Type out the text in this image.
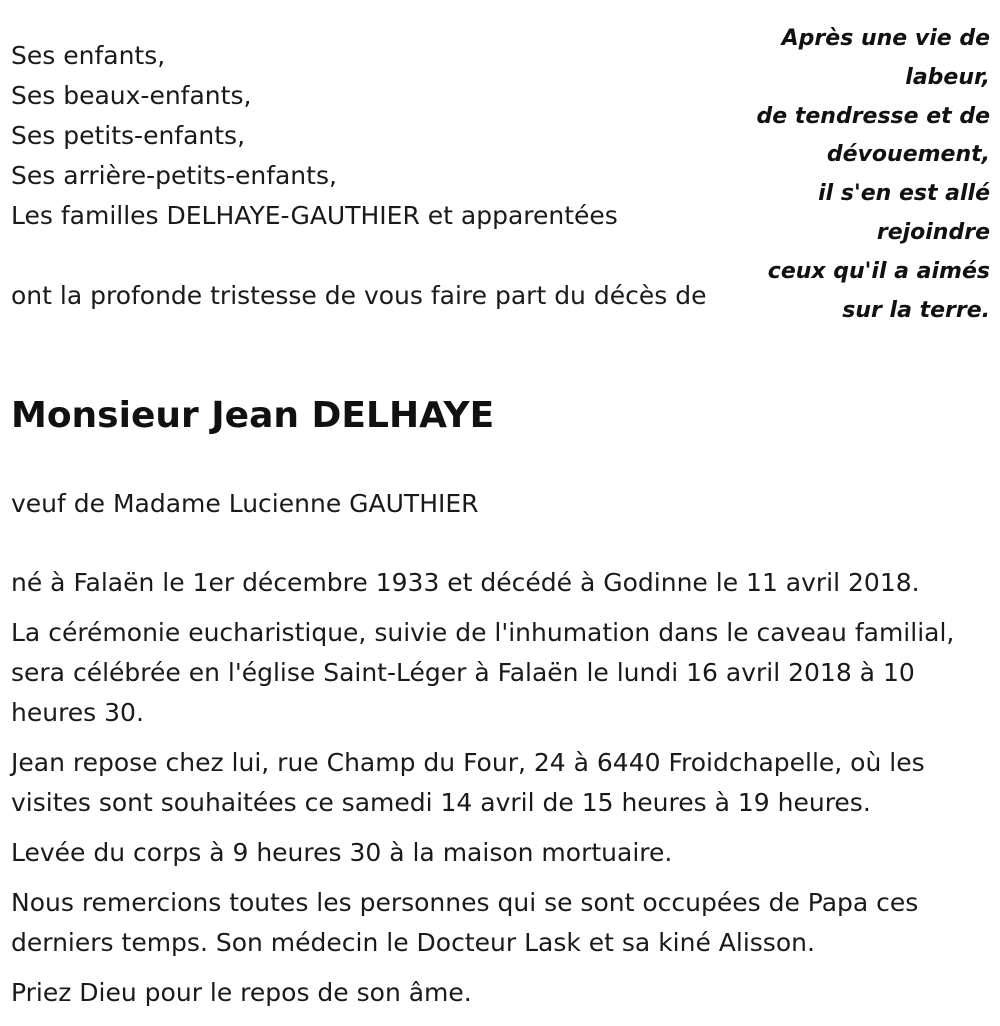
Ses enfants,
Ses beaux-enfants,
Ses petits-enfants,
Ses arrière-petits-enfants,
Les familles DELHAYE-GAUTHIER et apparentées
ont la profonde tristesse de vous faire part du décès de
Après une vie de
labeur,
de tendresse et de
dévouement,
il s'en est allé
rejoindre
ceux qu'il a aimés
sur la terre.
Monsieur Jean DELHAYE
veuf de Madame Lucienne GAUTHIER

né à Falaën le 1er décembre 1933 et décédé à Godinne le 11 avril 2018.

La cérémonie eucharistique, suivie de l'inhumation dans le caveau familial, sera célébrée en l'église Saint-Léger à Falaën le lundi 16 avril 2018 à 10 heures 30.

Jean repose chez lui, rue Champ du Four, 24 à 6440 Froidchapelle, où les visites sont souhaitées ce samedi 14 avril de 15 heures à 19 heures.

Levée du corps à 9 heures 30 à la maison mortuaire.

Nous remercions toutes les personnes qui se sont occupées de Papa ces derniers temps. Son médecin le Docteur Lask et sa kiné Alisson.

Priez Dieu pour le repos de son âme.
